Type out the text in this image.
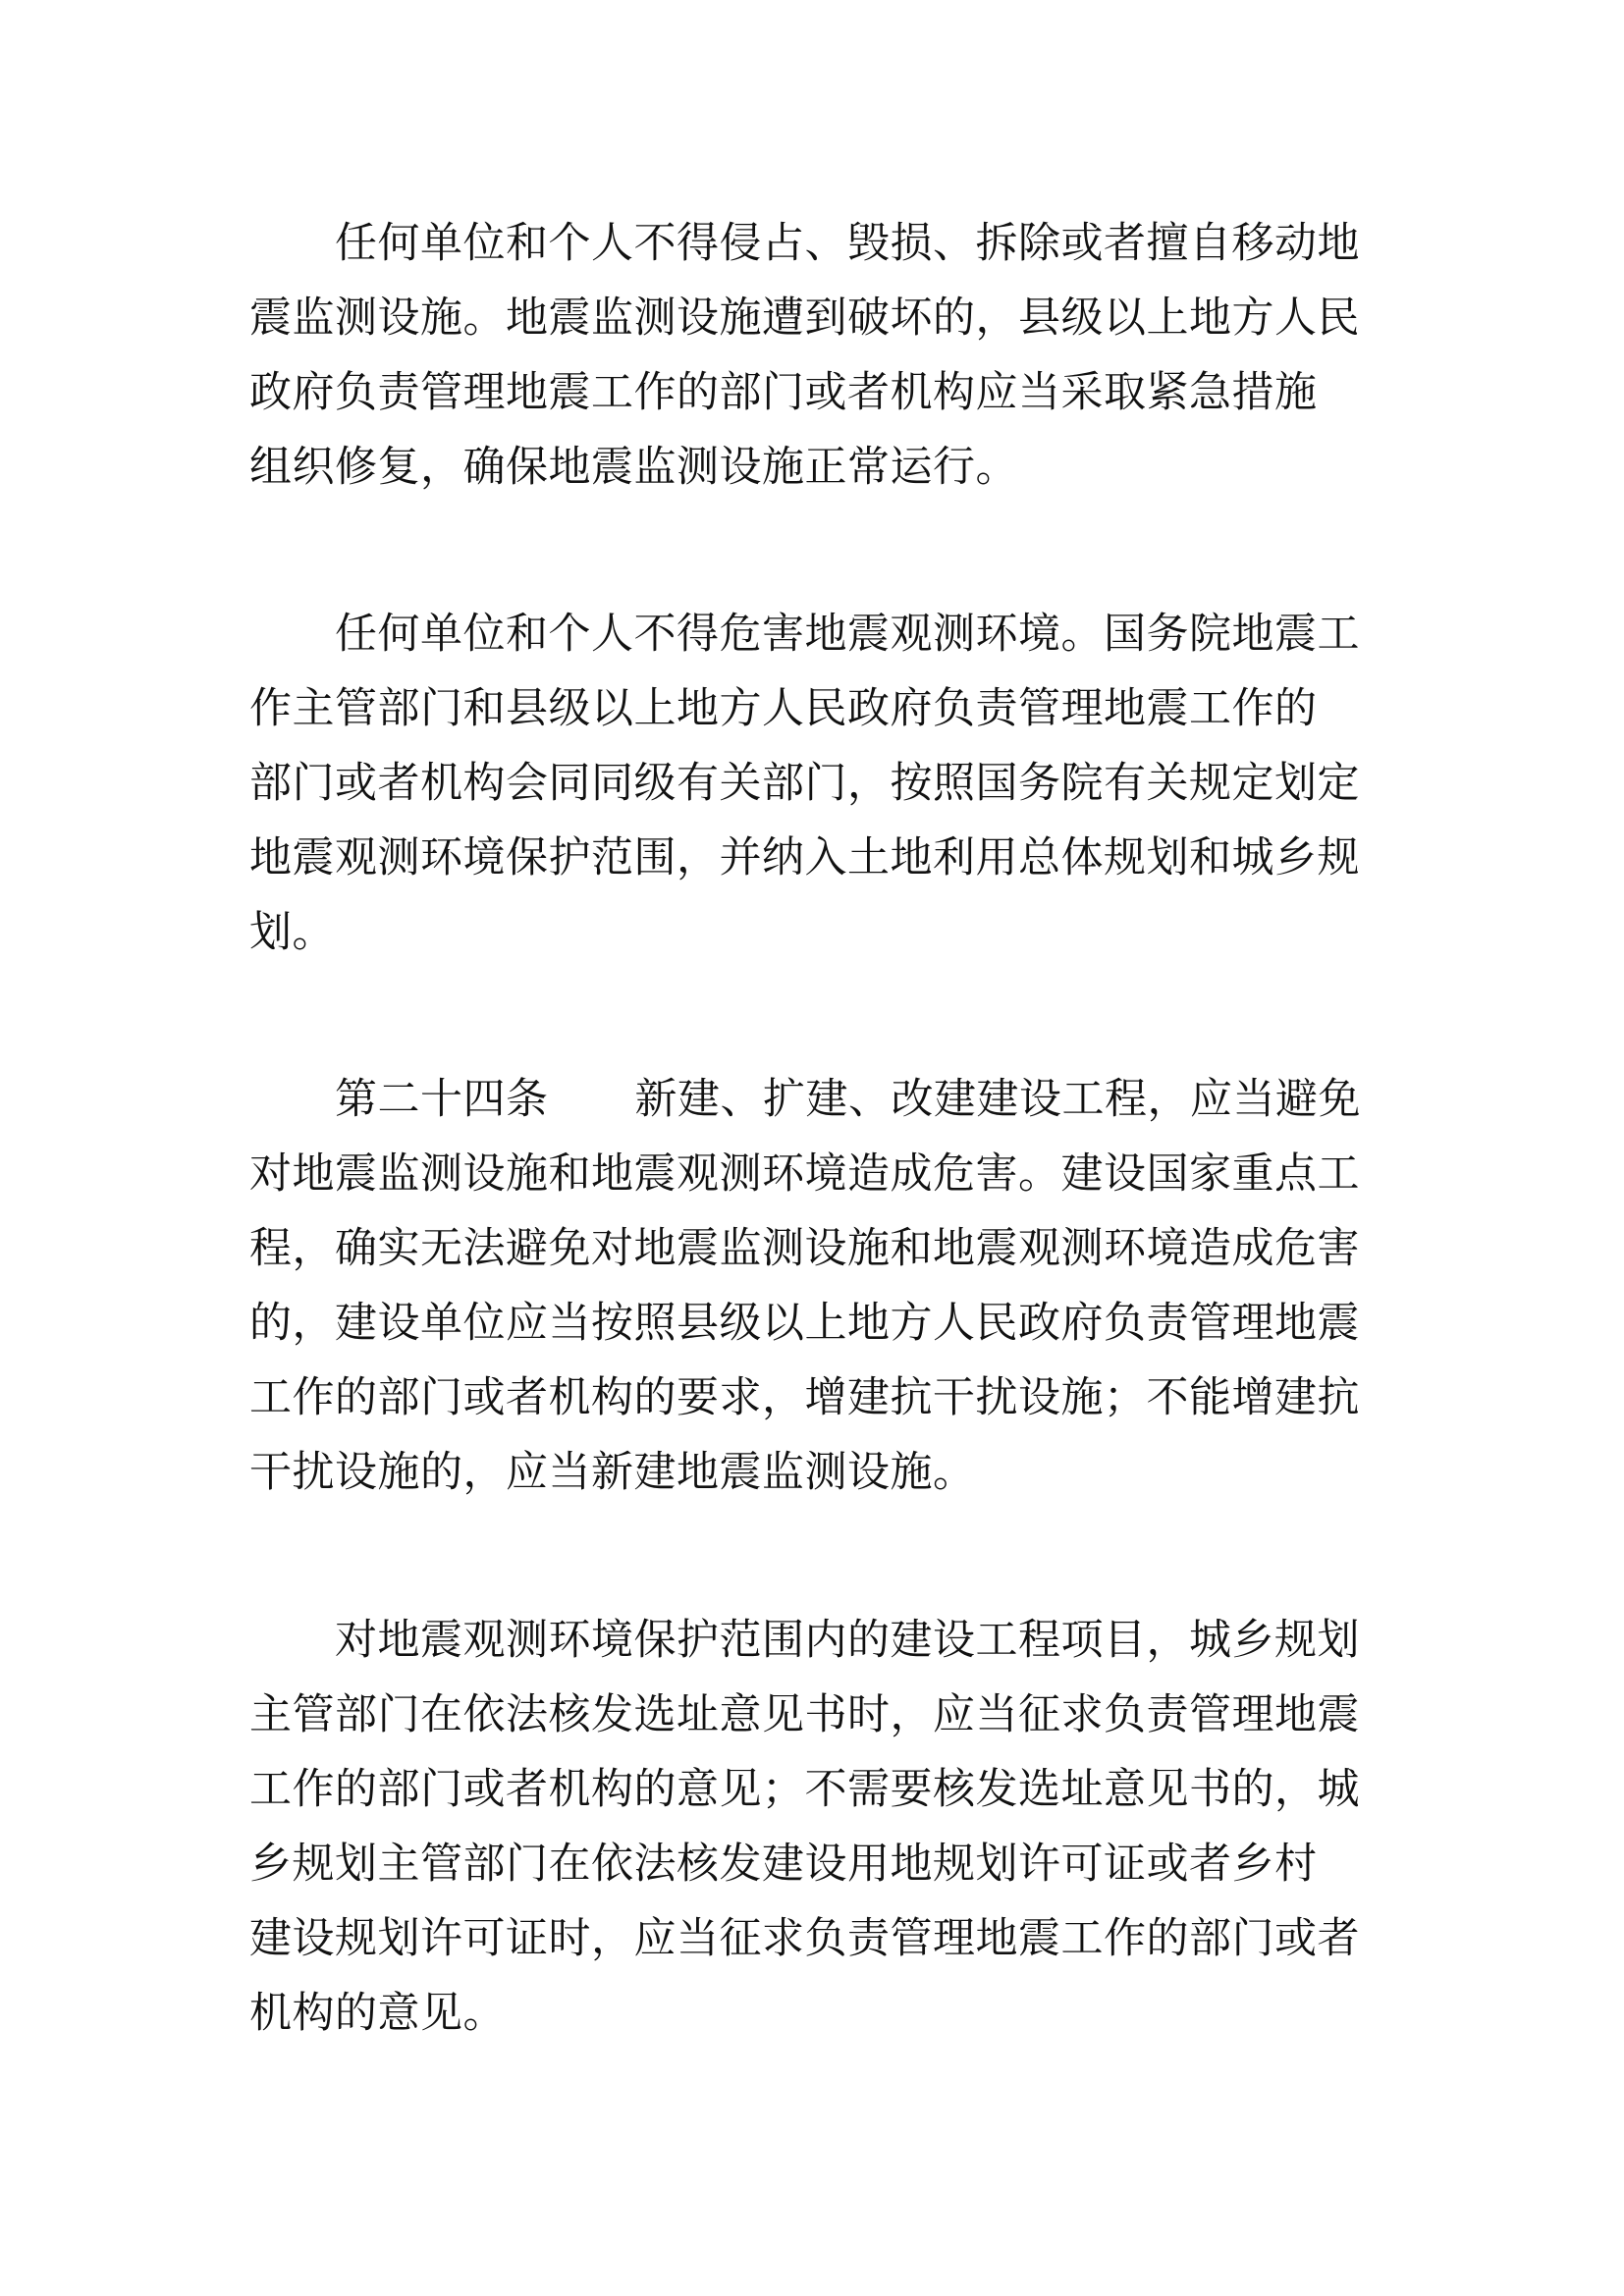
　　任何单位和个人不得侵占、毁损、拆除或者擅自移动地
震监测设施。地震监测设施遭到破坏的，县级以上地方人民
政府负责管理地震工作的部门或者机构应当采取紧急措施
组织修复，确保地震监测设施正常运行。
　　任何单位和个人不得危害地震观测环境。国务院地震工
作主管部门和县级以上地方人民政府负责管理地震工作的
部门或者机构会同同级有关部门，按照国务院有关规定划定
地震观测环境保护范围，并纳入土地利用总体规划和城乡规
划。
　　第二十四条 新建、扩建、改建建设工程，应当避免
对地震监测设施和地震观测环境造成危害。建设国家重点工
程，确实无法避免对地震监测设施和地震观测环境造成危害
的，建设单位应当按照县级以上地方人民政府负责管理地震
工作的部门或者机构的要求，增建抗干扰设施；不能增建抗
干扰设施的，应当新建地震监测设施。
　　对地震观测环境保护范围内的建设工程项目，城乡规划
主管部门在依法核发选址意见书时，应当征求负责管理地震
工作的部门或者机构的意见；不需要核发选址意见书的，城
乡规划主管部门在依法核发建设用地规划许可证或者乡村
建设规划许可证时，应当征求负责管理地震工作的部门或者
机构的意见。
